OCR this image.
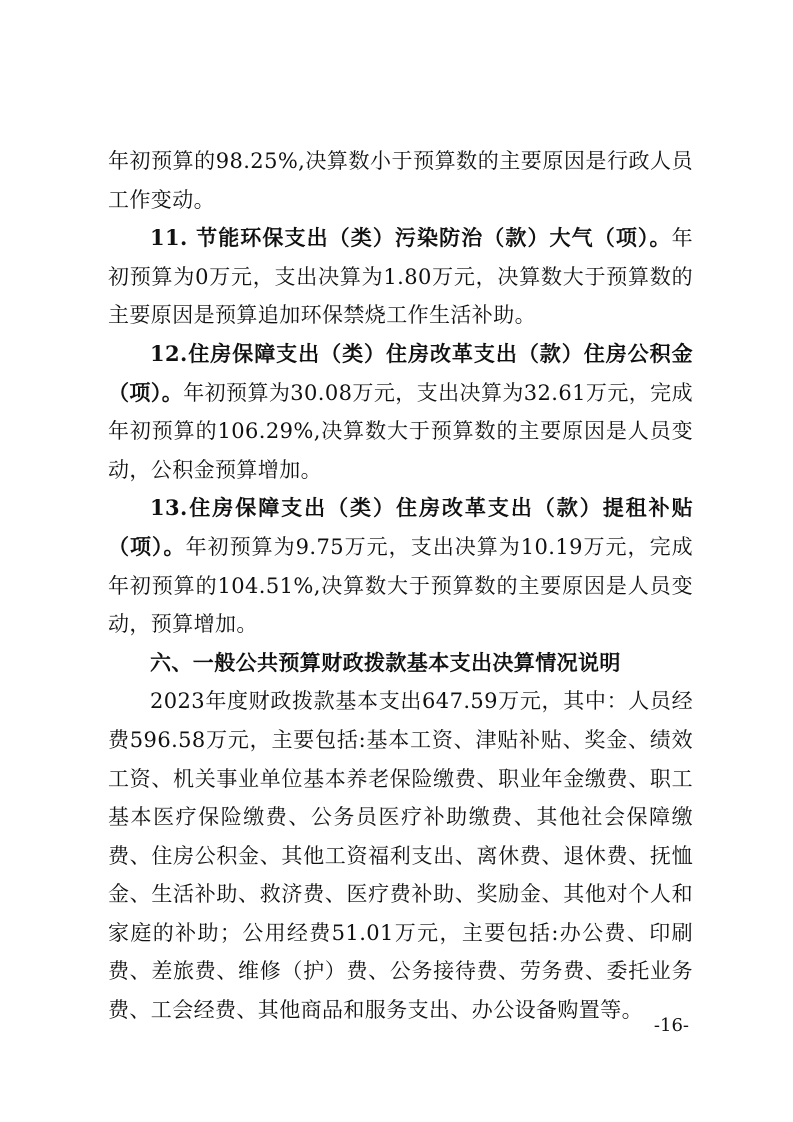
年初预算的98.25%,决算数小于预算数的主要原因是行政人员工作变动。

11. 节能环保支出（类）污染防治（款）大气（项）。年初预算为0万元，支出决算为1.80万元，决算数大于预算数的主要原因是预算追加环保禁烧工作生活补助。

12.住房保障支出（类）住房改革支出（款）住房公积金（项）。年初预算为30.08万元，支出决算为32.61万元，完成年初预算的106.29%,决算数大于预算数的主要原因是人员变动，公积金预算增加。

13.住房保障支出（类）住房改革支出（款）提租补贴（项）。年初预算为9.75万元，支出决算为10.19万元，完成年初预算的104.51%,决算数大于预算数的主要原因是人员变动，预算增加。

六、一般公共预算财政拨款基本支出决算情况说明

2023年度财政拨款基本支出647.59万元，其中：人员经费596.58万元，主要包括:基本工资、津贴补贴、奖金、绩效工资、机关事业单位基本养老保险缴费、职业年金缴费、职工基本医疗保险缴费、公务员医疗补助缴费、其他社会保障缴费、住房公积金、其他工资福利支出、离休费、退休费、抚恤金、生活补助、救济费、医疗费补助、奖励金、其他对个人和家庭的补助；公用经费51.01万元，主要包括:办公费、印刷费、差旅费、维修（护）费、公务接待费、劳务费、委托业务费、工会经费、其他商品和服务支出、办公设备购置等。

-16-
